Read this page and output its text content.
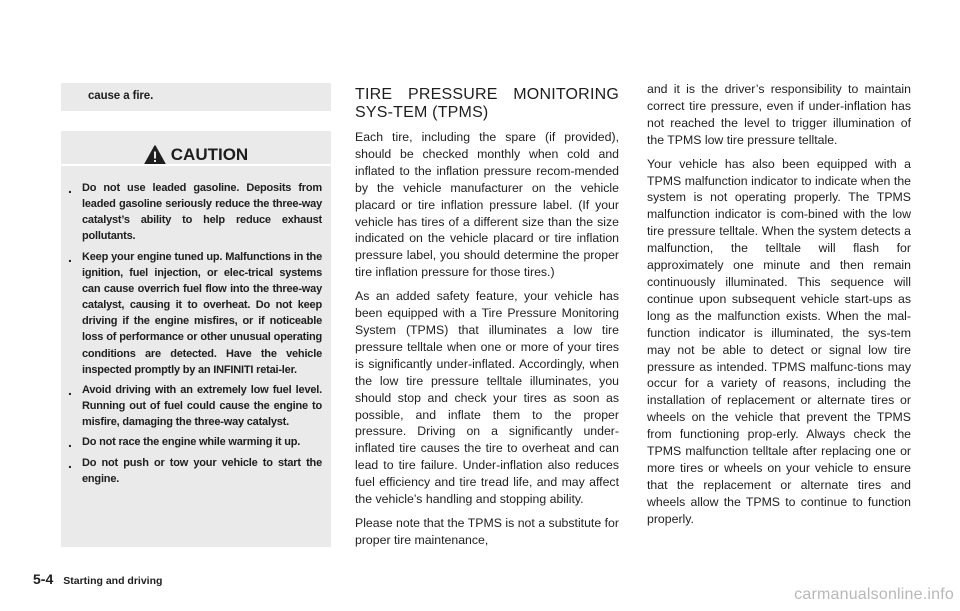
cause a fire.
CAUTION
. Do not use leaded gasoline. Deposits from leaded gasoline seriously reduce the three-way catalyst’s ability to help reduce exhaust pollutants.
. Keep your engine tuned up. Malfunctions in the ignition, fuel injection, or elec-trical systems can cause overrich fuel flow into the three-way catalyst, causing it to overheat. Do not keep driving if the engine misfires, or if noticeable loss of performance or other unusual operating conditions are detected. Have the vehicle inspected promptly by an INFINITI retai-ler.
. Avoid driving with an extremely low fuel level. Running out of fuel could cause the engine to misfire, damaging the three-way catalyst.
. Do not race the engine while warming it up.
. Do not push or tow your vehicle to start the engine.
TIRE PRESSURE MONITORING SYS-TEM (TPMS)

Each tire, including the spare (if provided), should be checked monthly when cold and inflated to the inflation pressure recom-mended by the vehicle manufacturer on the vehicle placard or tire inflation pressure label. (If your vehicle has tires of a different size than the size indicated on the vehicle placard or tire inflation pressure label, you should determine the proper tire inflation pressure for those tires.)

As an added safety feature, your vehicle has been equipped with a Tire Pressure Monitoring System (TPMS) that illuminates a low tire pressure telltale when one or more of your tires is significantly under-inflated. Accordingly, when the low tire pressure telltale illuminates, you should stop and check your tires as soon as possible, and inflate them to the proper pressure. Driving on a significantly under-inflated tire causes the tire to overheat and can lead to tire failure. Under-inflation also reduces fuel efficiency and tire tread life, and may affect the vehicle’s handling and stopping ability.

Please note that the TPMS is not a substitute for proper tire maintenance,

and it is the driver’s responsibility to maintain correct tire pressure, even if under-inflation has not reached the level to trigger illumination of the TPMS low tire pressure telltale.

Your vehicle has also been equipped with a TPMS malfunction indicator to indicate when the system is not operating properly. The TPMS malfunction indicator is com-bined with the low tire pressure telltale. When the system detects a malfunction, the telltale will flash for approximately one minute and then remain continuously illuminated. This sequence will continue upon subsequent vehicle start-ups as long as the malfunction exists. When the mal-function indicator is illuminated, the sys-tem may not be able to detect or signal low tire pressure as intended. TPMS malfunc-tions may occur for a variety of reasons, including the installation of replacement or alternate tires or wheels on the vehicle that prevent the TPMS from functioning prop-erly. Always check the TPMS malfunction telltale after replacing one or more tires or wheels on your vehicle to ensure that the replacement or alternate tires and wheels allow the TPMS to continue to function properly.

5-4 Starting and driving
carmanualsonline.info
